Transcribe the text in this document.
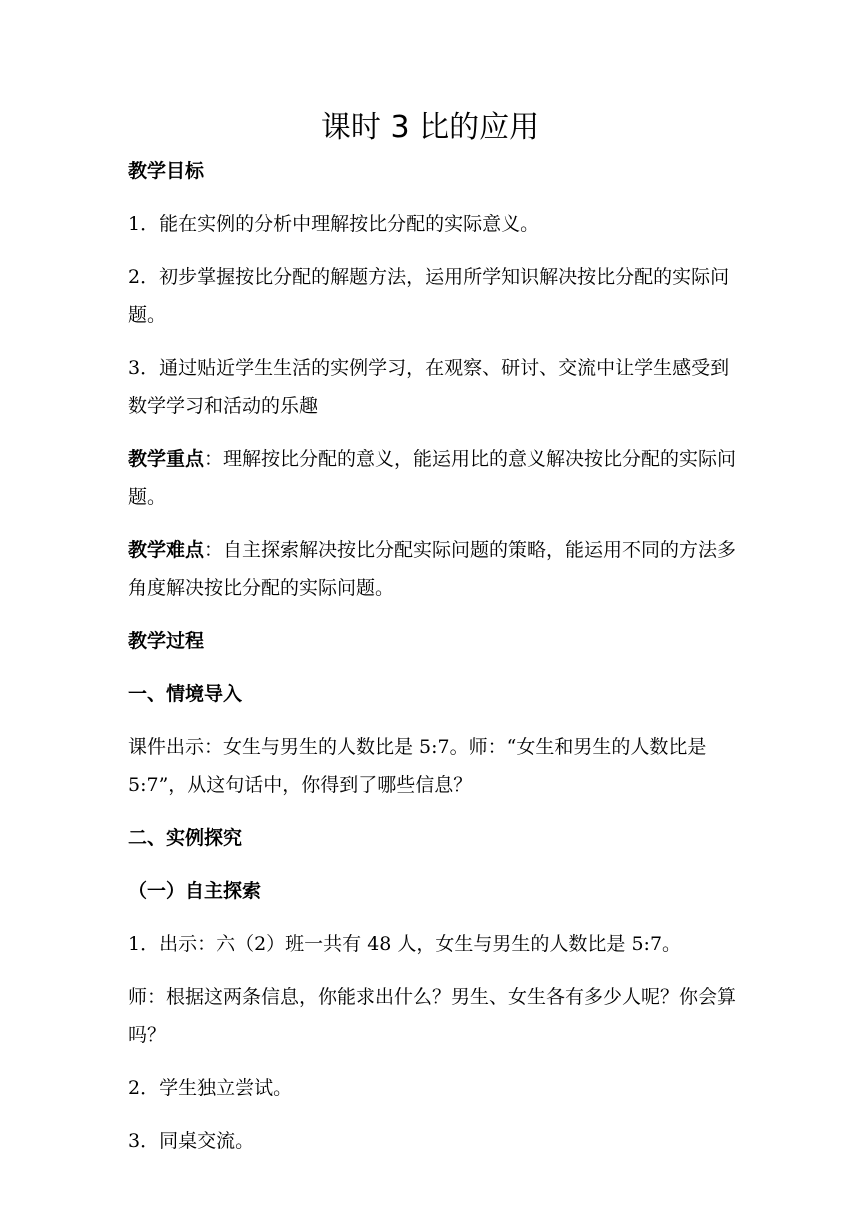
课时 3 比的应用
教学目标
1．能在实例的分析中理解按比分配的实际意义。
2．初步掌握按比分配的解题方法，运用所学知识解决按比分配的实际问题。
3．通过贴近学生生活的实例学习，在观察、研讨、交流中让学生感受到数学学习和活动的乐趣
教学重点：理解按比分配的意义，能运用比的意义解决按比分配的实际问题。
教学难点：自主探索解决按比分配实际问题的策略，能运用不同的方法多角度解决按比分配的实际问题。
教学过程
一、情境导入
课件出示：女生与男生的人数比是 5:7。师：“女生和男生的人数比是 5:7”，从这句话中，你得到了哪些信息？
二、实例探究
（一）自主探索
1．出示：六（2）班一共有 48 人，女生与男生的人数比是 5:7。
师：根据这两条信息，你能求出什么？男生、女生各有多少人呢？你会算吗？
2．学生独立尝试。
3．同桌交流。
